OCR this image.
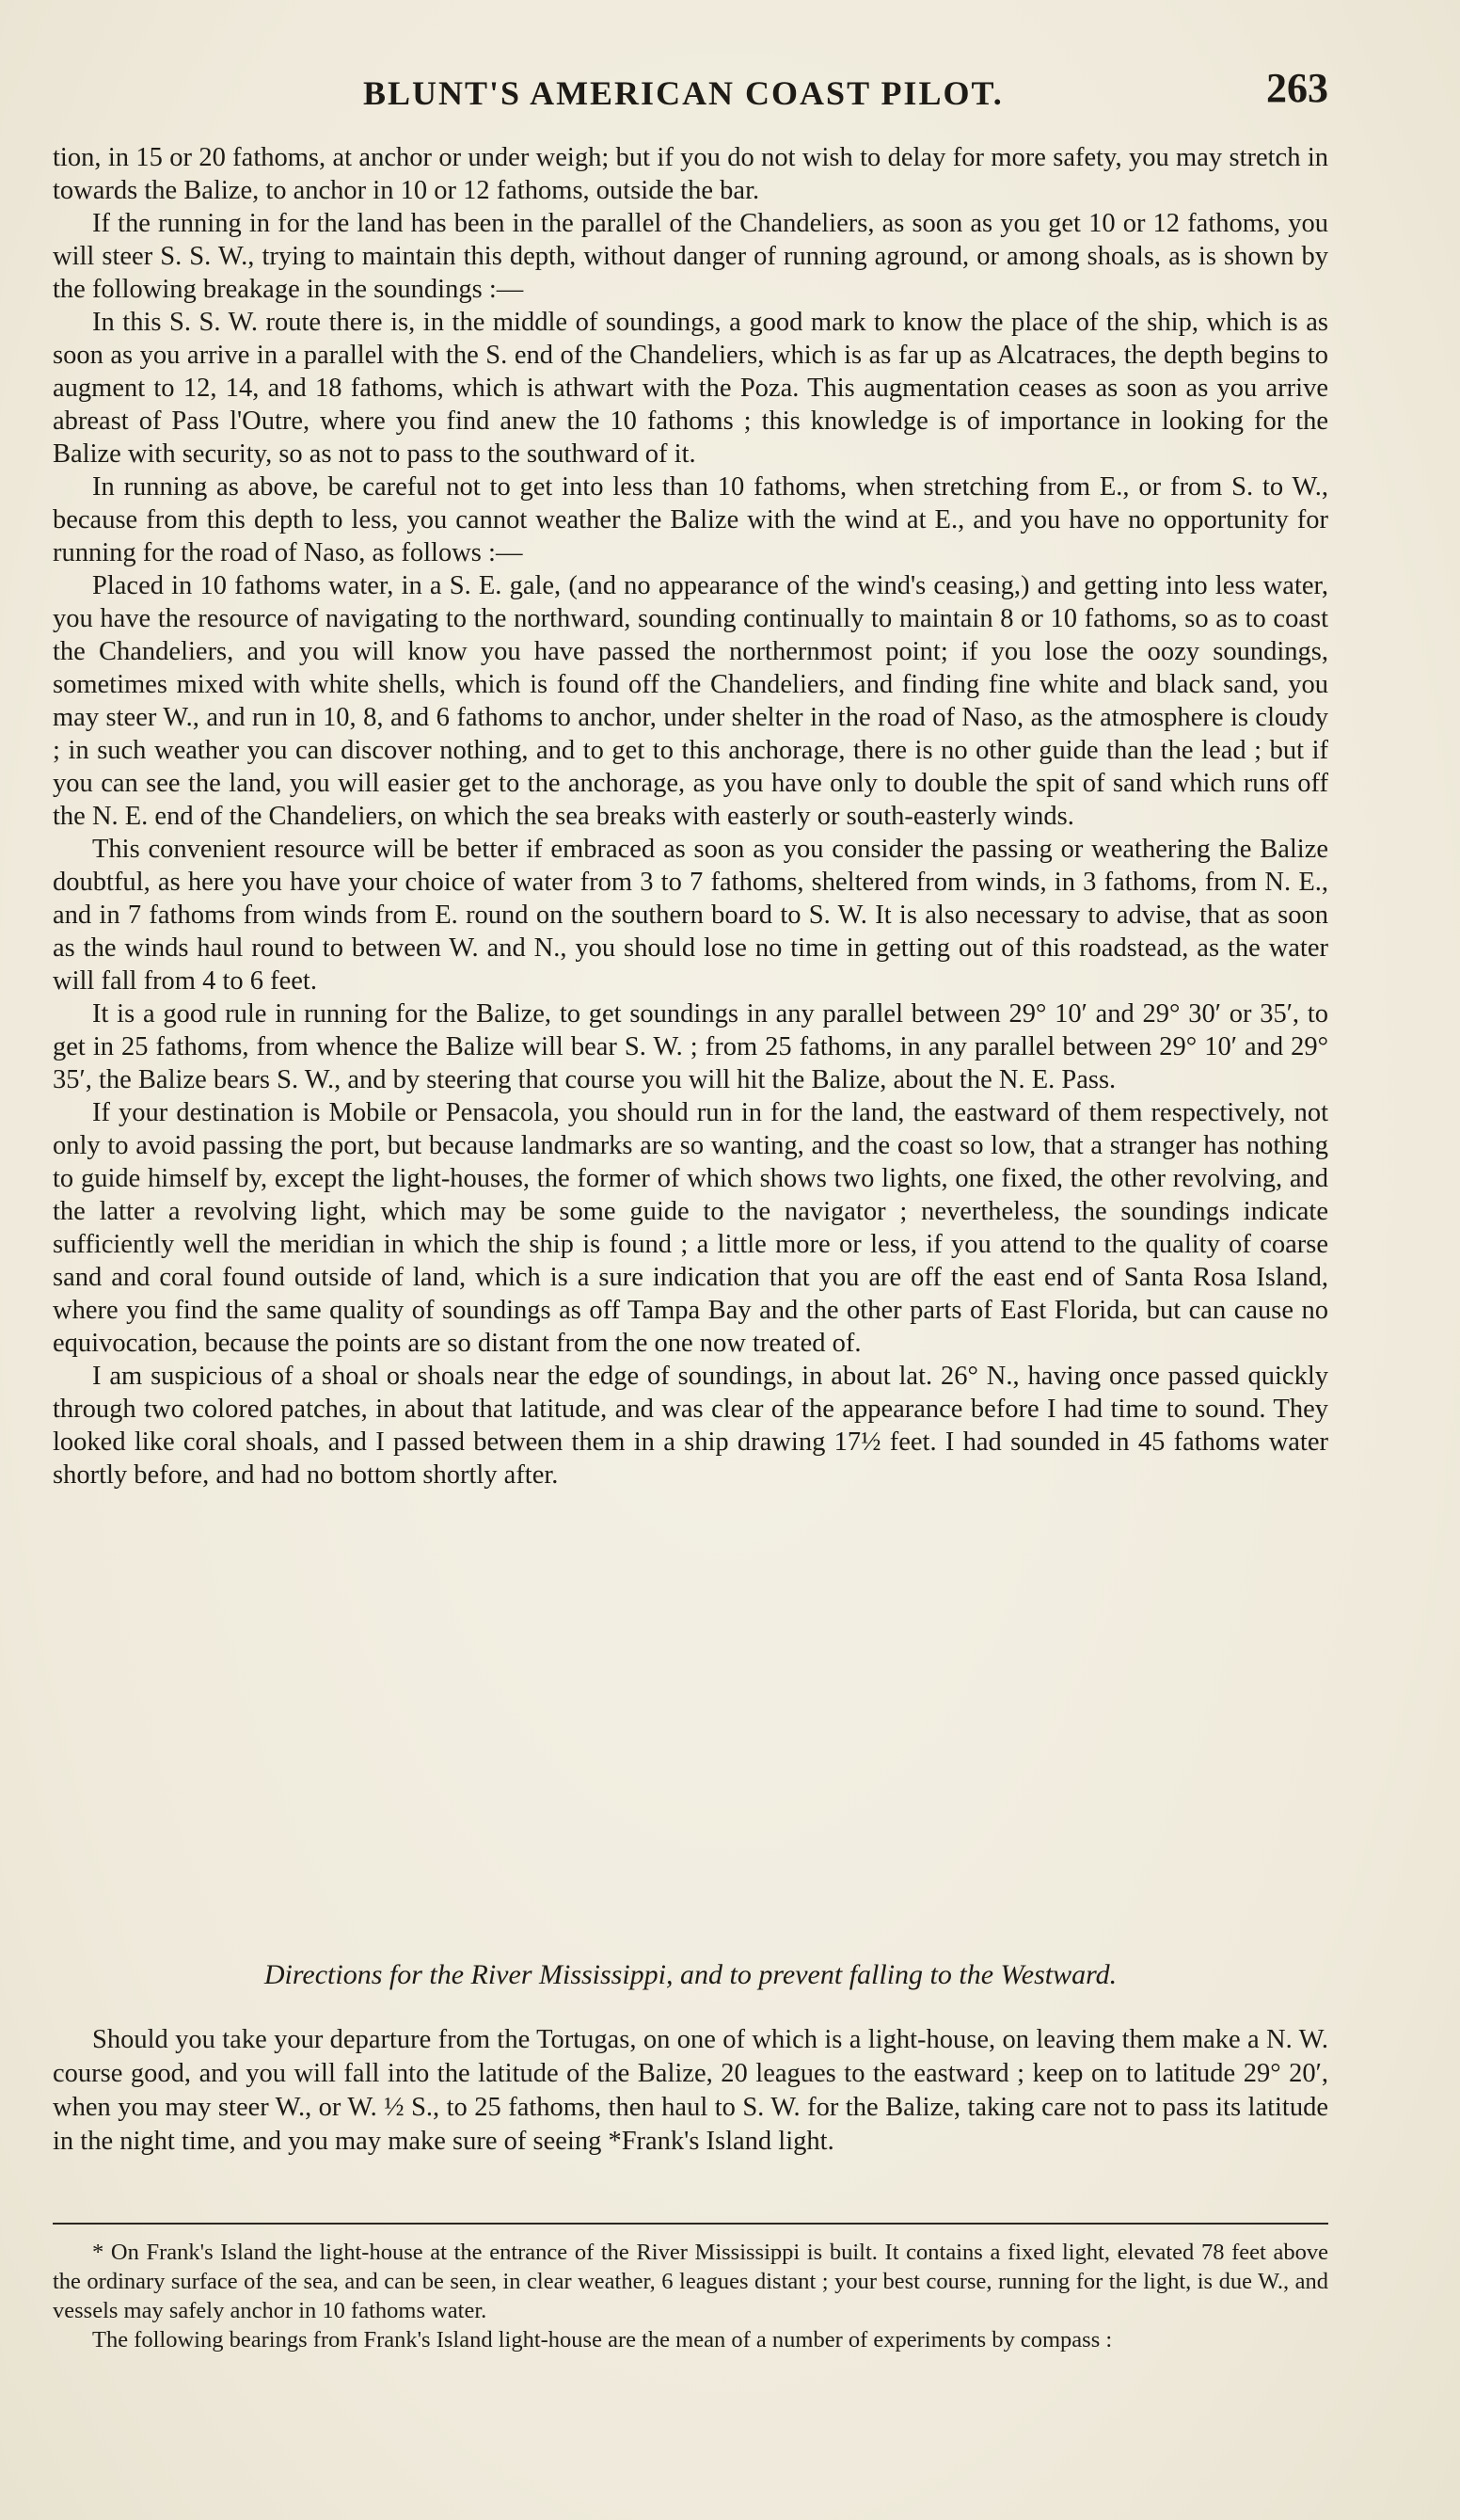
BLUNT'S AMERICAN COAST PILOT.	263

tion, in 15 or 20 fathoms, at anchor or under weigh; but if you do not wish to delay for more safety, you may stretch in towards the Balize, to anchor in 10 or 12 fathoms, outside the bar.

If the running in for the land has been in the parallel of the Chandeliers, as soon as you get 10 or 12 fathoms, you will steer S. S. W., trying to maintain this depth, without danger of running aground, or among shoals, as is shown by the following breakage in the soundings :—

In this S. S. W. route there is, in the middle of soundings, a good mark to know the place of the ship, which is as soon as you arrive in a parallel with the S. end of the Chandeliers, which is as far up as Alcatraces, the depth begins to augment to 12, 14, and 18 fathoms, which is athwart with the Poza. This augmentation ceases as soon as you arrive abreast of Pass l'Outre, where you find anew the 10 fathoms ; this knowledge is of importance in looking for the Balize with security, so as not to pass to the southward of it.

In running as above, be careful not to get into less than 10 fathoms, when stretching from E., or from S. to W., because from this depth to less, you cannot weather the Balize with the wind at E., and you have no opportunity for running for the road of Naso, as follows :—

Placed in 10 fathoms water, in a S. E. gale, (and no appearance of the wind's ceasing,) and getting into less water, you have the resource of navigating to the northward, sounding continually to maintain 8 or 10 fathoms, so as to coast the Chandeliers, and you will know you have passed the northernmost point; if you lose the oozy soundings, sometimes mixed with white shells, which is found off the Chandeliers, and finding fine white and black sand, you may steer W., and run in 10, 8, and 6 fathoms to anchor, under shelter in the road of Naso, as the atmosphere is cloudy ; in such weather you can discover nothing, and to get to this anchorage, there is no other guide than the lead ; but if you can see the land, you will easier get to the anchorage, as you have only to double the spit of sand which runs off the N. E. end of the Chandeliers, on which the sea breaks with easterly or south-easterly winds.

This convenient resource will be better if embraced as soon as you consider the passing or weathering the Balize doubtful, as here you have your choice of water from 3 to 7 fathoms, sheltered from winds, in 3 fathoms, from N. E., and in 7 fathoms from winds from E. round on the southern board to S. W. It is also necessary to advise, that as soon as the winds haul round to between W. and N., you should lose no time in getting out of this roadstead, as the water will fall from 4 to 6 feet.

It is a good rule in running for the Balize, to get soundings in any parallel between 29° 10′ and 29° 30′ or 35′, to get in 25 fathoms, from whence the Balize will bear S. W. ; from 25 fathoms, in any parallel between 29° 10′ and 29° 35′, the Balize bears S. W., and by steering that course you will hit the Balize, about the N. E. Pass.

If your destination is Mobile or Pensacola, you should run in for the land, the eastward of them respectively, not only to avoid passing the port, but because landmarks are so wanting, and the coast so low, that a stranger has nothing to guide himself by, except the light-houses, the former of which shows two lights, one fixed, the other revolving, and the latter a revolving light, which may be some guide to the navigator ; nevertheless, the soundings indicate sufficiently well the meridian in which the ship is found ; a little more or less, if you attend to the quality of coarse sand and coral found outside of land, which is a sure indication that you are off the east end of Santa Rosa Island, where you find the same quality of soundings as off Tampa Bay and the other parts of East Florida, but can cause no equivocation, because the points are so distant from the one now treated of.

I am suspicious of a shoal or shoals near the edge of soundings, in about lat. 26° N., having once passed quickly through two colored patches, in about that latitude, and was clear of the appearance before I had time to sound. They looked like coral shoals, and I passed between them in a ship drawing 17½ feet. I had sounded in 45 fathoms water shortly before, and had no bottom shortly after.

Directions for the River Mississippi, and to prevent falling to the Westward.

Should you take your departure from the Tortugas, on one of which is a light-house, on leaving them make a N. W. course good, and you will fall into the latitude of the Balize, 20 leagues to the eastward ; keep on to latitude 29° 20′, when you may steer W., or W. ½ S., to 25 fathoms, then haul to S. W. for the Balize, taking care not to pass its latitude in the night time, and you may make sure of seeing *Frank's Island light.

* On Frank's Island the light-house at the entrance of the River Mississippi is built. It contains a fixed light, elevated 78 feet above the ordinary surface of the sea, and can be seen, in clear weather, 6 leagues distant ; your best course, running for the light, is due W., and vessels may safely anchor in 10 fathoms water.

The following bearings from Frank's Island light-house are the mean of a number of experiments by compass :
